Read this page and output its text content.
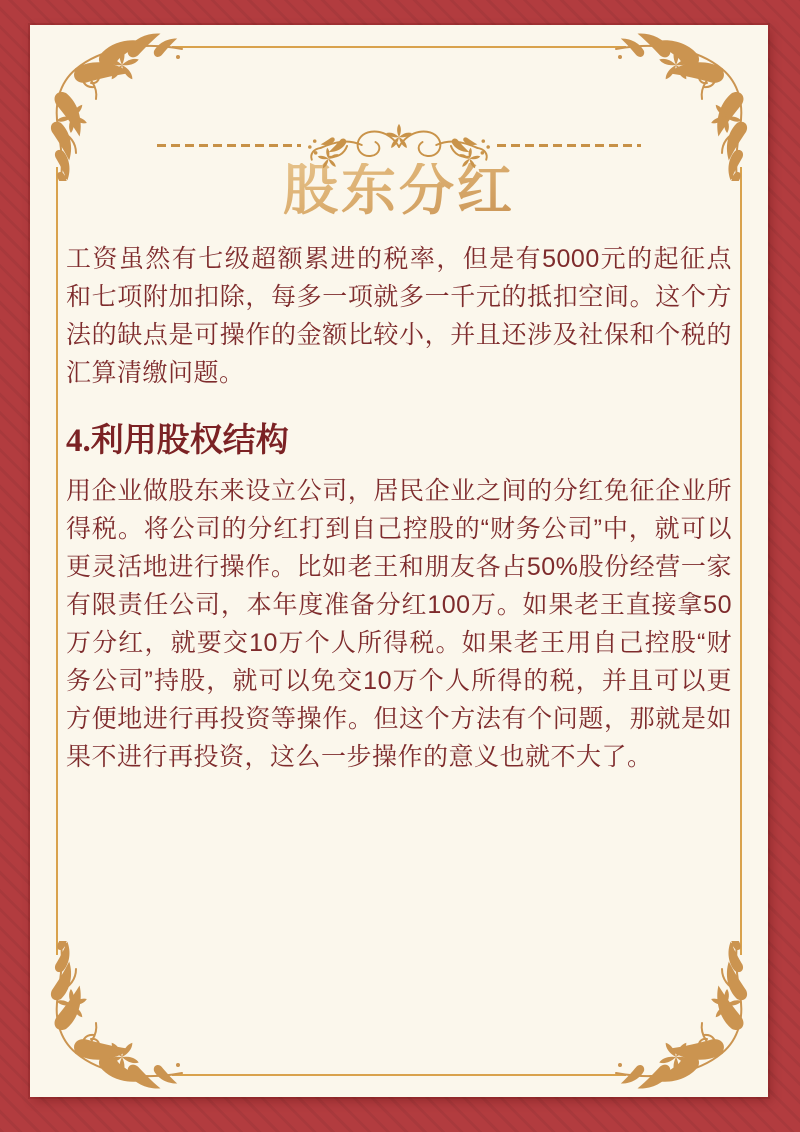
股东分红

工资虽然有七级超额累进的税率，但是有5000元的起征点和七项附加扣除，每多一项就多一千元的抵扣空间。这个方法的缺点是可操作的金额比较小，并且还涉及社保和个税的汇算清缴问题。

4.利用股权结构

用企业做股东来设立公司，居民企业之间的分红免征企业所得税。将公司的分红打到自己控股的“财务公司”中，就可以更灵活地进行操作。比如老王和朋友各占50%股份经营一家有限责任公司，本年度准备分红100万。如果老王直接拿50万分红，就要交10万个人所得税。如果老王用自己控股“财务公司”持股，就可以免交10万个人所得的税，并且可以更方便地进行再投资等操作。但这个方法有个问题，那就是如果不进行再投资，这么一步操作的意义也就不大了。
